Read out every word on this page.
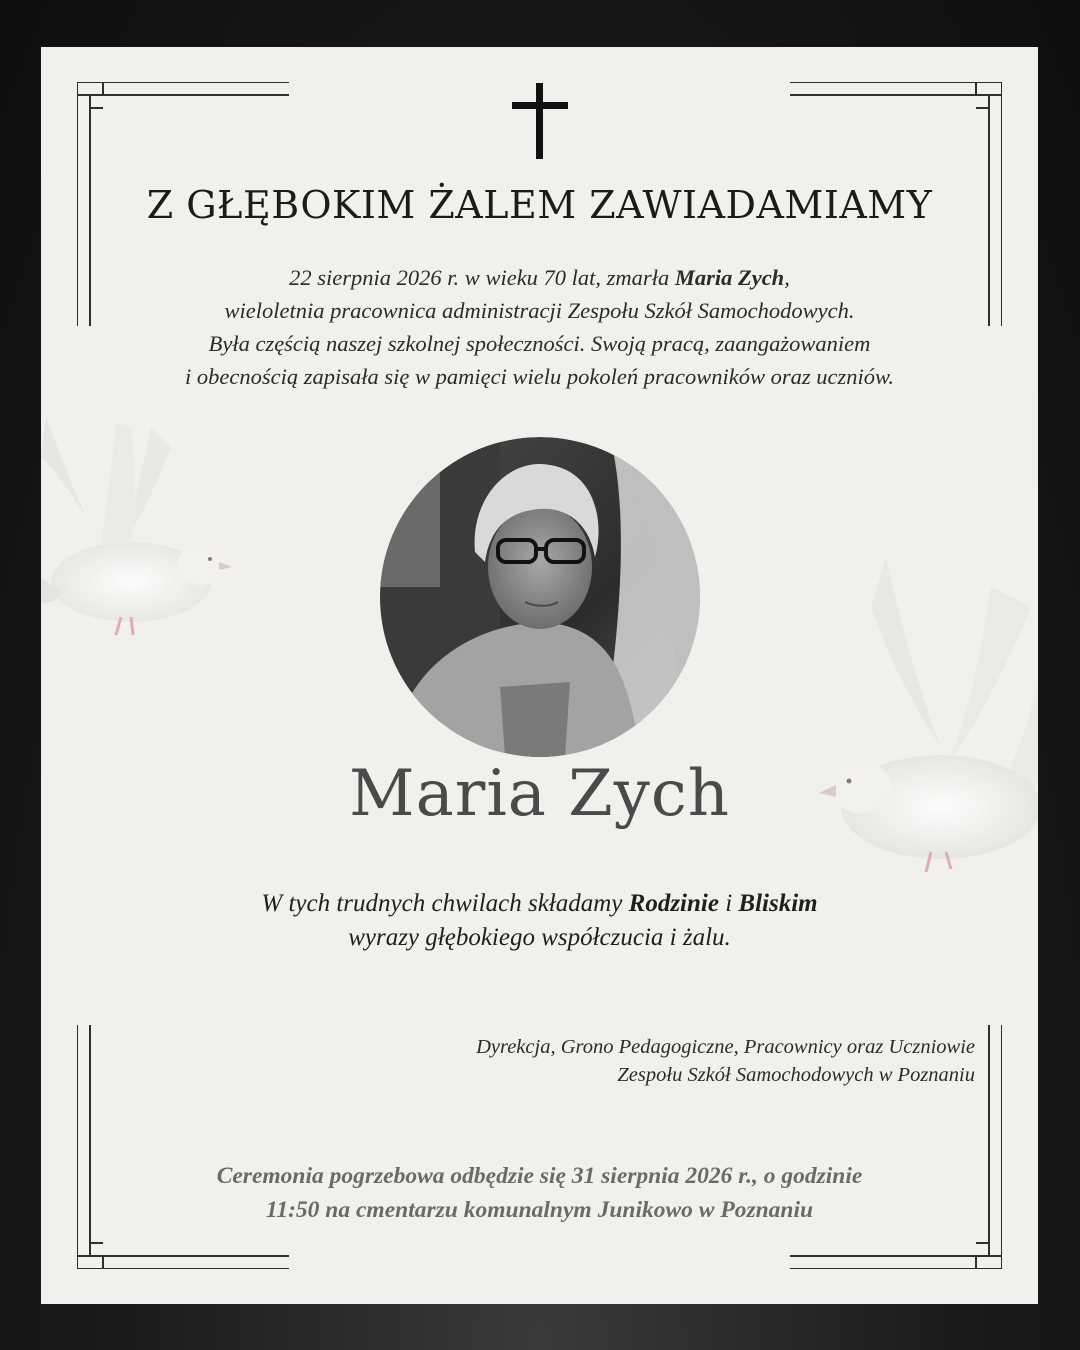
Z GŁĘBOKIM ŻALEM ZAWIADAMIAMY

22 sierpnia 2026 r. w wieku 70 lat, zmarła Maria Zych,

wieloletnia pracownica administracji Zespołu Szkół Samochodowych.

Była częścią naszej szkolnej społeczności. Swoją pracą, zaangażowaniem

i obecnością zapisała się w pamięci wielu pokoleń pracowników oraz uczniów.

Maria Zych

W tych trudnych chwilach składamy Rodzinie i Bliskim

wyrazy głębokiego współczucia i żalu.

Dyrekcja, Grono Pedagogiczne, Pracownicy oraz Uczniowie

Zespołu Szkół Samochodowych w Poznaniu

Ceremonia pogrzebowa odbędzie się 31 sierpnia 2026 r., o godzinie

11:50 na cmentarzu komunalnym Junikowo w Poznaniu
